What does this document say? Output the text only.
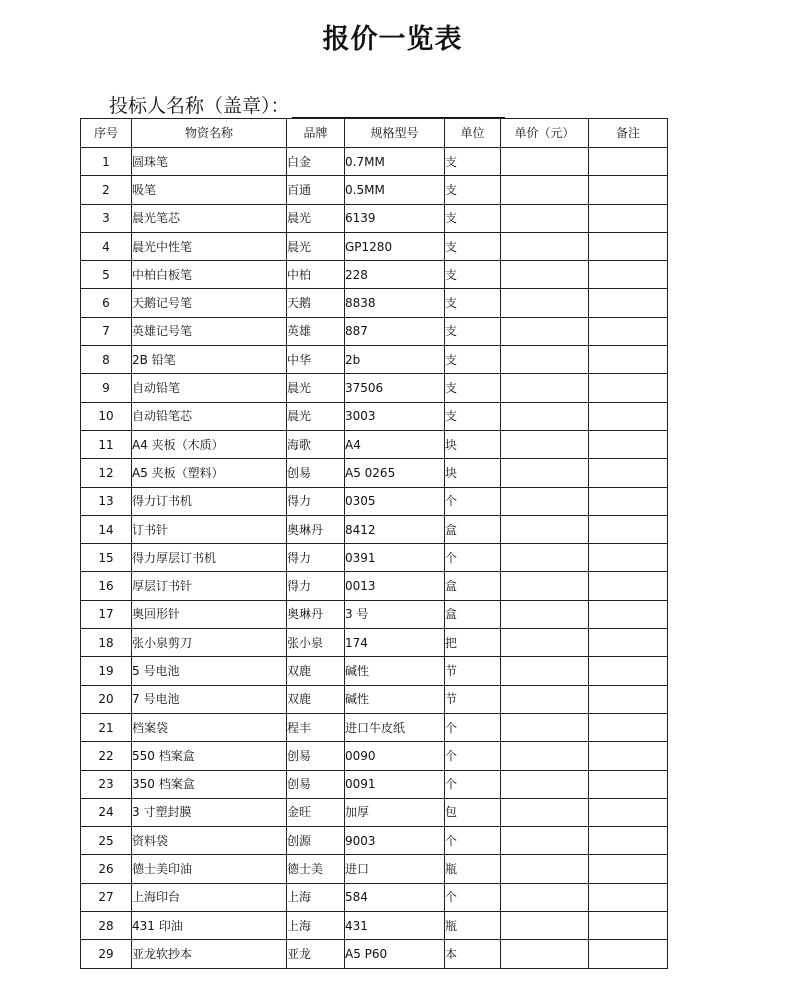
报价一览表
投标人名称（盖章）：
序号	物资名称	品牌	规格型号	单位	单价（元）	备注
1	圆珠笔	白金	0.7MM	支		
2	吸笔	百通	0.5MM	支		
3	晨光笔芯	晨光	6139	支		
4	晨光中性笔	晨光	GP1280	支		
5	中柏白板笔	中柏	228	支		
6	天鹅记号笔	天鹅	8838	支		
7	英雄记号笔	英雄	887	支		
8	2B 铅笔	中华	2b	支		
9	自动铅笔	晨光	37506	支		
10	自动铅笔芯	晨光	3003	支		
11	A4 夹板（木质）	海歌	A4	块		
12	A5 夹板（塑料）	创易	A5 0265	块		
13	得力订书机	得力	0305	个		
14	订书针	奥琳丹	8412	盒		
15	得力厚层订书机	得力	0391	个		
16	厚层订书针	得力	0013	盒		
17	奥回形针	奥琳丹	3 号	盒		
18	张小泉剪刀	张小泉	174	把		
19	5 号电池	双鹿	碱性	节		
20	7 号电池	双鹿	碱性	节		
21	档案袋	程丰	进口牛皮纸	个		
22	550 档案盒	创易	0090	个		
23	350 档案盒	创易	0091	个		
24	3 寸塑封膜	金旺	加厚	包		
25	资料袋	创源	9003	个		
26	德士美印油	德士美	进口	瓶		
27	上海印台	上海	584	个		
28	431 印油	上海	431	瓶		
29	亚龙软抄本	亚龙	A5 P60	本		
